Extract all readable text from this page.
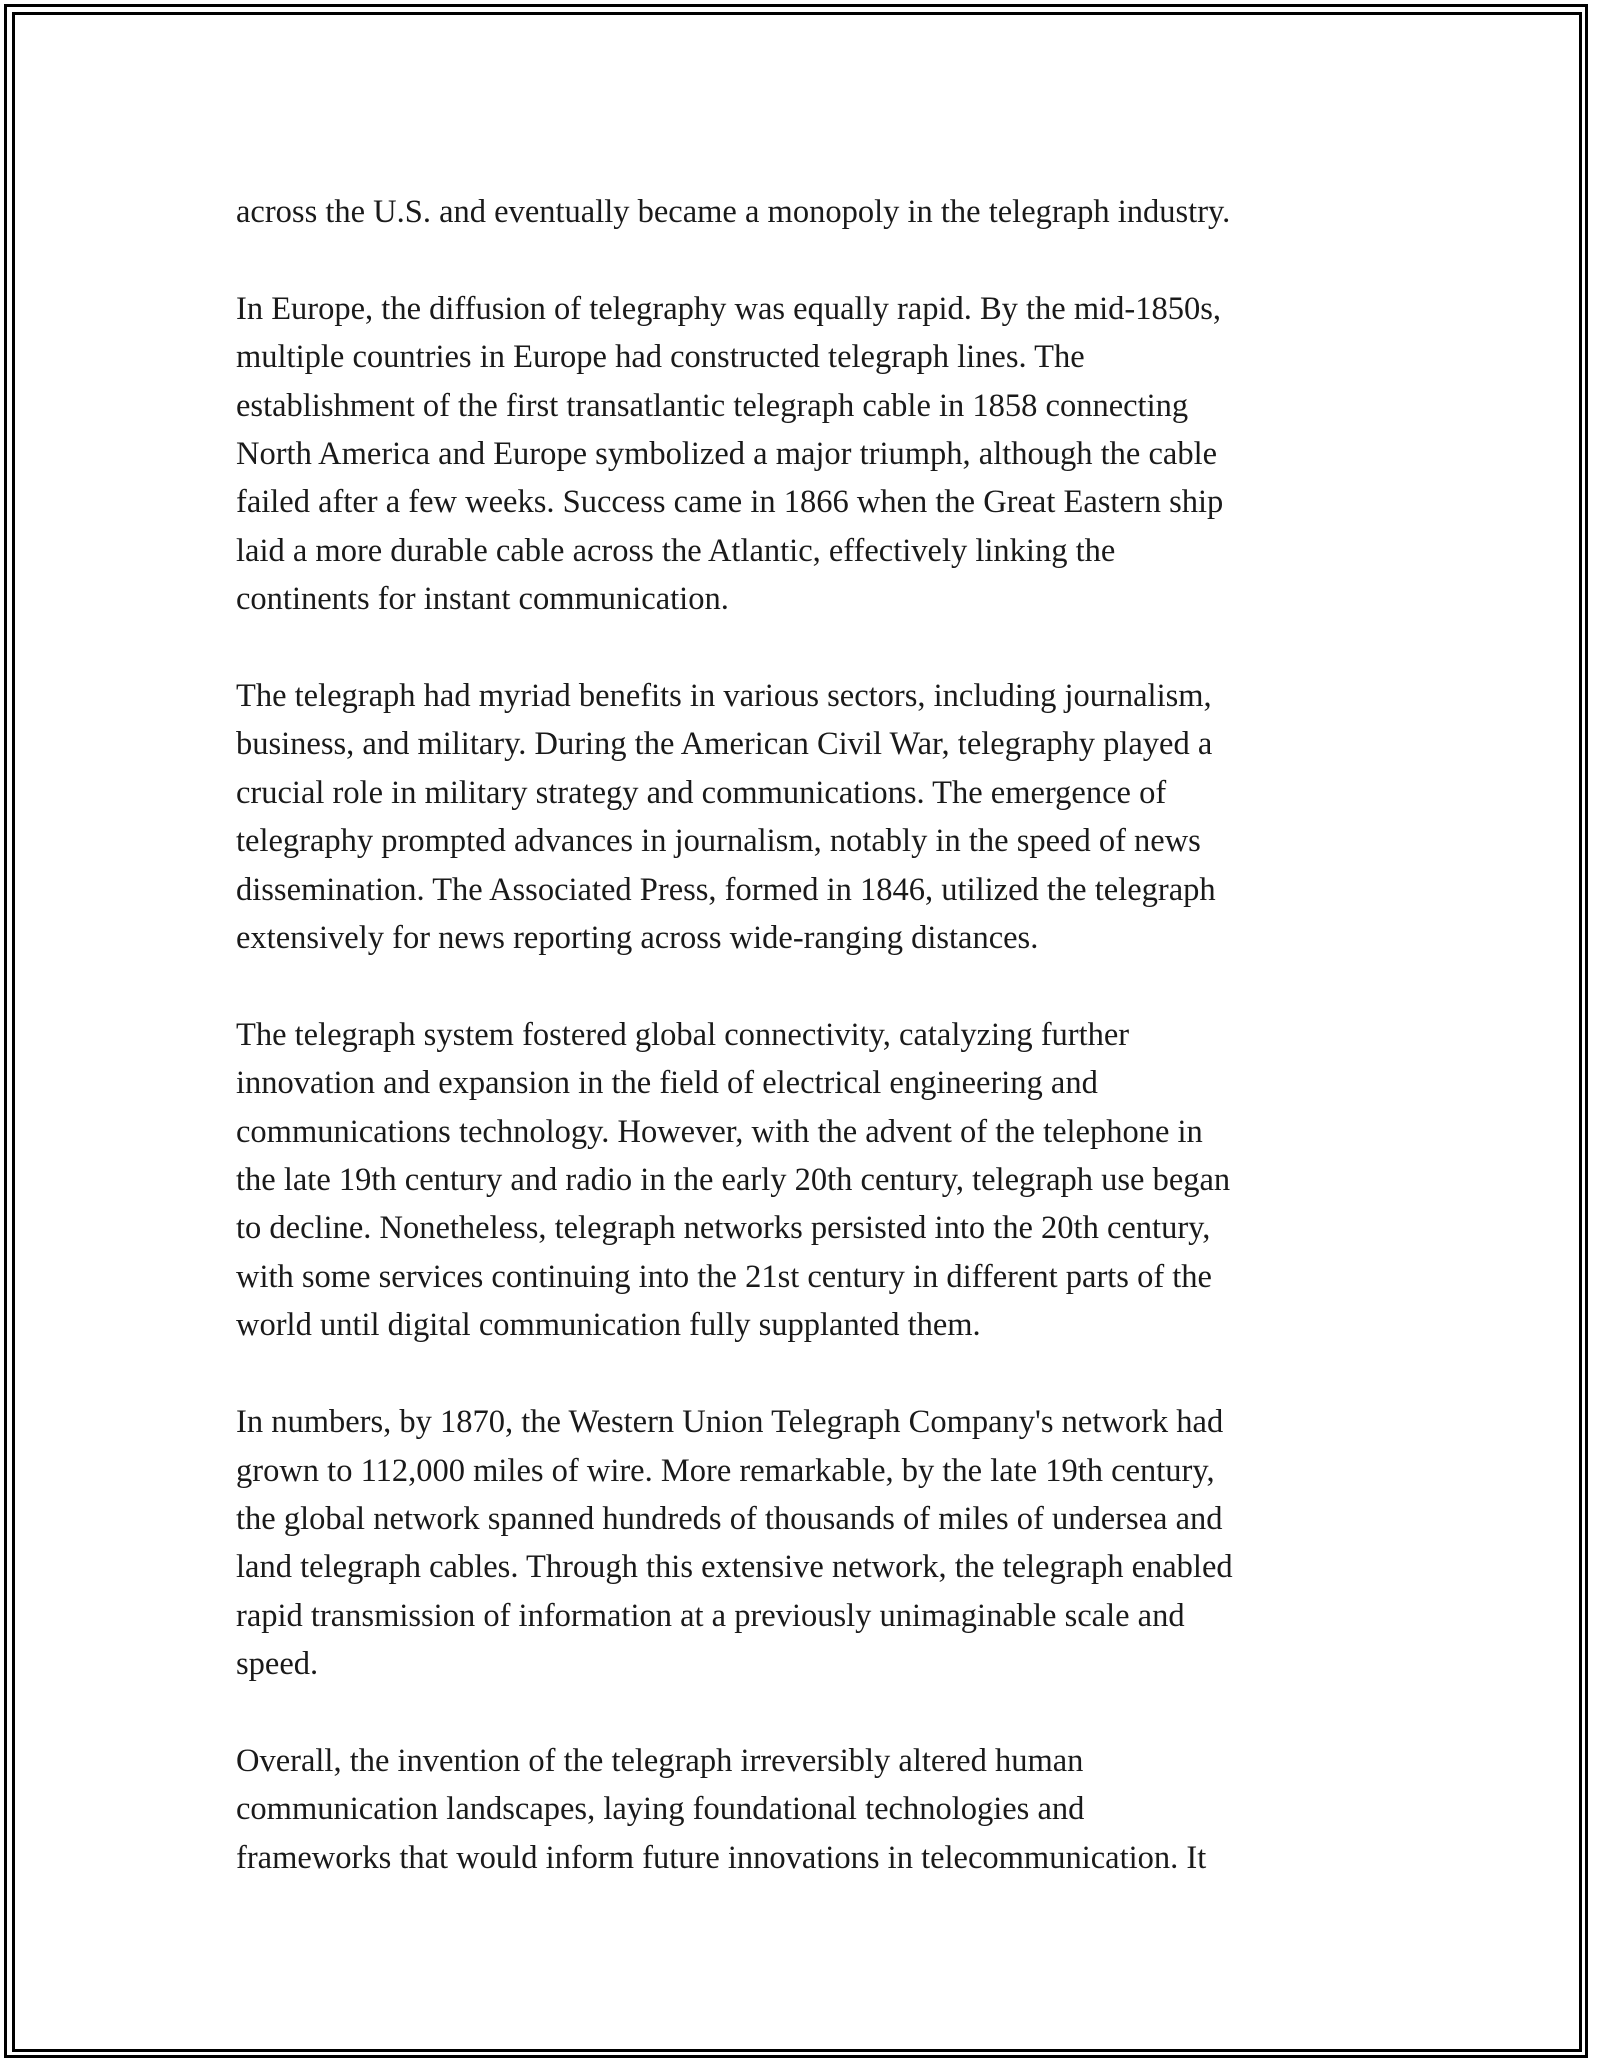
across the U.S. and eventually became a monopoly in the telegraph industry.

In Europe, the diffusion of telegraphy was equally rapid. By the mid-1850s,
multiple countries in Europe had constructed telegraph lines. The
establishment of the first transatlantic telegraph cable in 1858 connecting
North America and Europe symbolized a major triumph, although the cable
failed after a few weeks. Success came in 1866 when the Great Eastern ship
laid a more durable cable across the Atlantic, effectively linking the
continents for instant communication.

The telegraph had myriad benefits in various sectors, including journalism,
business, and military. During the American Civil War, telegraphy played a
crucial role in military strategy and communications. The emergence of
telegraphy prompted advances in journalism, notably in the speed of news
dissemination. The Associated Press, formed in 1846, utilized the telegraph
extensively for news reporting across wide-ranging distances.

The telegraph system fostered global connectivity, catalyzing further
innovation and expansion in the field of electrical engineering and
communications technology. However, with the advent of the telephone in
the late 19th century and radio in the early 20th century, telegraph use began
to decline. Nonetheless, telegraph networks persisted into the 20th century,
with some services continuing into the 21st century in different parts of the
world until digital communication fully supplanted them.

In numbers, by 1870, the Western Union Telegraph Company's network had
grown to 112,000 miles of wire. More remarkable, by the late 19th century,
the global network spanned hundreds of thousands of miles of undersea and
land telegraph cables. Through this extensive network, the telegraph enabled
rapid transmission of information at a previously unimaginable scale and
speed.

Overall, the invention of the telegraph irreversibly altered human
communication landscapes, laying foundational technologies and
frameworks that would inform future innovations in telecommunication. It
